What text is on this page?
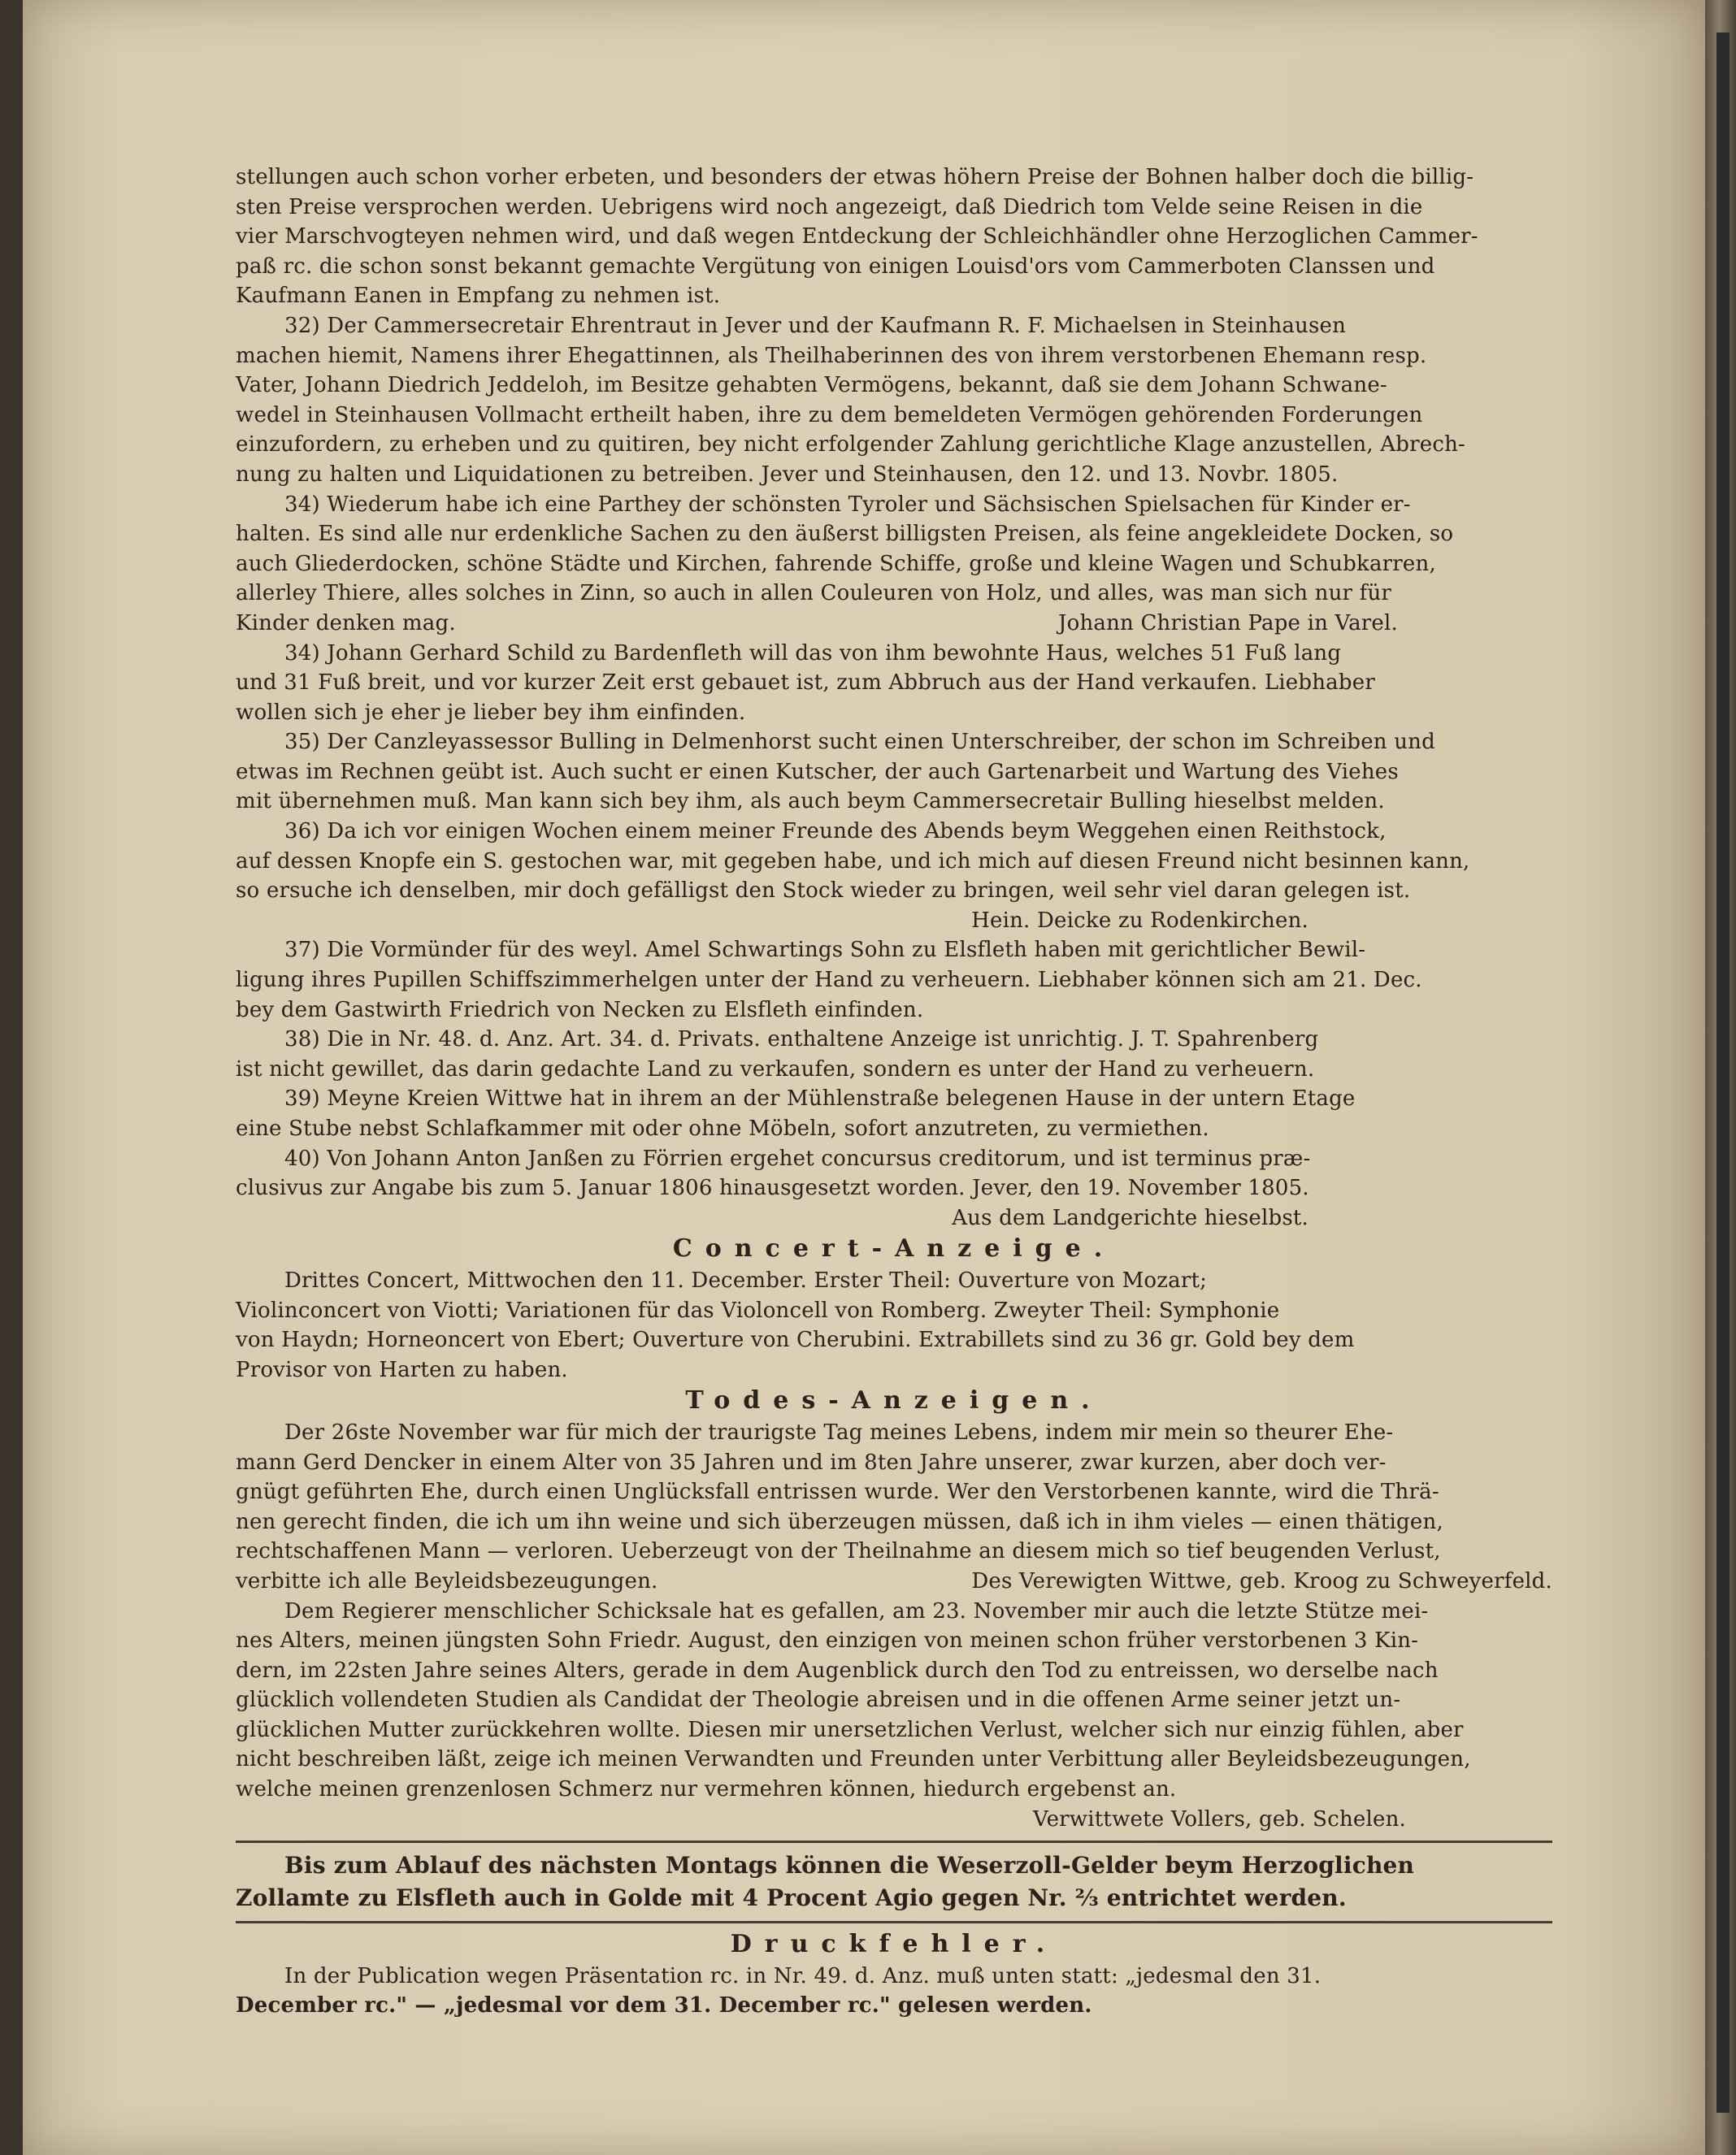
stellungen auch schon vorher erbeten, und besonders der etwas höhern Preise der Bohnen halber doch die billig-

sten Preise versprochen werden. Uebrigens wird noch angezeigt, daß Diedrich tom Velde seine Reisen in die

vier Marschvogteyen nehmen wird, und daß wegen Entdeckung der Schleichhändler ohne Herzoglichen Cammer-

paß rc. die schon sonst bekannt gemachte Vergütung von einigen Louisd'ors vom Cammerboten Clanssen und

Kaufmann Eanen in Empfang zu nehmen ist.

32) Der Cammersecretair Ehrentraut in Jever und der Kaufmann R. F. Michaelsen in Steinhausen

machen hiemit, Namens ihrer Ehegattinnen, als Theilhaberinnen des von ihrem verstorbenen Ehemann resp.

Vater, Johann Diedrich Jeddeloh, im Besitze gehabten Vermögens, bekannt, daß sie dem Johann Schwane-

wedel in Steinhausen Vollmacht ertheilt haben, ihre zu dem bemeldeten Vermögen gehörenden Forderungen

einzufordern, zu erheben und zu quitiren, bey nicht erfolgender Zahlung gerichtliche Klage anzustellen, Abrech-

nung zu halten und Liquidationen zu betreiben. Jever und Steinhausen, den 12. und 13. Novbr. 1805.

34) Wiederum habe ich eine Parthey der schönsten Tyroler und Sächsischen Spielsachen für Kinder er-

halten. Es sind alle nur erdenkliche Sachen zu den äußerst billigsten Preisen, als feine angekleidete Docken, so

auch Gliederdocken, schöne Städte und Kirchen, fahrende Schiffe, große und kleine Wagen und Schubkarren,

allerley Thiere, alles solches in Zinn, so auch in allen Couleuren von Holz, und alles, was man sich nur für

Kinder denken mag.	Johann Christian Pape in Varel.

34) Johann Gerhard Schild zu Bardenfleth will das von ihm bewohnte Haus, welches 51 Fuß lang

und 31 Fuß breit, und vor kurzer Zeit erst gebauet ist, zum Abbruch aus der Hand verkaufen. Liebhaber

wollen sich je eher je lieber bey ihm einfinden.

35) Der Canzleyassessor Bulling in Delmenhorst sucht einen Unterschreiber, der schon im Schreiben und

etwas im Rechnen geübt ist. Auch sucht er einen Kutscher, der auch Gartenarbeit und Wartung des Viehes

mit übernehmen muß. Man kann sich bey ihm, als auch beym Cammersecretair Bulling hieselbst melden.

36) Da ich vor einigen Wochen einem meiner Freunde des Abends beym Weggehen einen Reithstock,

auf dessen Knopfe ein S. gestochen war, mit gegeben habe, und ich mich auf diesen Freund nicht besinnen kann,

so ersuche ich denselben, mir doch gefälligst den Stock wieder zu bringen, weil sehr viel daran gelegen ist.

Hein. Deicke zu Rodenkirchen.

37) Die Vormünder für des weyl. Amel Schwartings Sohn zu Elsfleth haben mit gerichtlicher Bewil-

ligung ihres Pupillen Schiffszimmerhelgen unter der Hand zu verheuern. Liebhaber können sich am 21. Dec.

bey dem Gastwirth Friedrich von Necken zu Elsfleth einfinden.

38) Die in Nr. 48. d. Anz. Art. 34. d. Privats. enthaltene Anzeige ist unrichtig. J. T. Spahrenberg

ist nicht gewillet, das darin gedachte Land zu verkaufen, sondern es unter der Hand zu verheuern.

39) Meyne Kreien Wittwe hat in ihrem an der Mühlenstraße belegenen Hause in der untern Etage

eine Stube nebst Schlafkammer mit oder ohne Möbeln, sofort anzutreten, zu vermiethen.

40) Von Johann Anton Janßen zu Förrien ergehet concursus creditorum, und ist terminus præ-

clusivus zur Angabe bis zum 5. Januar 1806 hinausgesetzt worden. Jever, den 19. November 1805.

Aus dem Landgerichte hieselbst.

Concert-Anzeige.

Drittes Concert, Mittwochen den 11. December. Erster Theil: Ouverture von Mozart;

Violinconcert von Viotti; Variationen für das Violoncell von Romberg. Zweyter Theil: Symphonie

von Haydn; Horneoncert von Ebert; Ouverture von Cherubini. Extrabillets sind zu 36 gr. Gold bey dem

Provisor von Harten zu haben.

Todes-Anzeigen.

Der 26ste November war für mich der traurigste Tag meines Lebens, indem mir mein so theurer Ehe-

mann Gerd Dencker in einem Alter von 35 Jahren und im 8ten Jahre unserer, zwar kurzen, aber doch ver-

gnügt geführten Ehe, durch einen Unglücksfall entrissen wurde. Wer den Verstorbenen kannte, wird die Thrä-

nen gerecht finden, die ich um ihn weine und sich überzeugen müssen, daß ich in ihm vieles — einen thätigen,

rechtschaffenen Mann — verloren. Ueberzeugt von der Theilnahme an diesem mich so tief beugenden Verlust,

verbitte ich alle Beyleidsbezeugungen.	Des Verewigten Wittwe, geb. Kroog zu Schweyerfeld.

Dem Regierer menschlicher Schicksale hat es gefallen, am 23. November mir auch die letzte Stütze mei-

nes Alters, meinen jüngsten Sohn Friedr. August, den einzigen von meinen schon früher verstorbenen 3 Kin-

dern, im 22sten Jahre seines Alters, gerade in dem Augenblick durch den Tod zu entreissen, wo derselbe nach

glücklich vollendeten Studien als Candidat der Theologie abreisen und in die offenen Arme seiner jetzt un-

glücklichen Mutter zurückkehren wollte. Diesen mir unersetzlichen Verlust, welcher sich nur einzig fühlen, aber

nicht beschreiben läßt, zeige ich meinen Verwandten und Freunden unter Verbittung aller Beyleidsbezeugungen,

welche meinen grenzenlosen Schmerz nur vermehren können, hiedurch ergebenst an.

Verwittwete Vollers, geb. Schelen.

Bis zum Ablauf des nächsten Montags können die Weserzoll-Gelder beym Herzoglichen

Zollamte zu Elsfleth auch in Golde mit 4 Procent Agio gegen Nr. ⅔ entrichtet werden.

Druckfehler.

In der Publication wegen Präsentation rc. in Nr. 49. d. Anz. muß unten statt: „jedesmal den 31.

December rc." — „jedesmal vor dem 31. December rc." gelesen werden.
